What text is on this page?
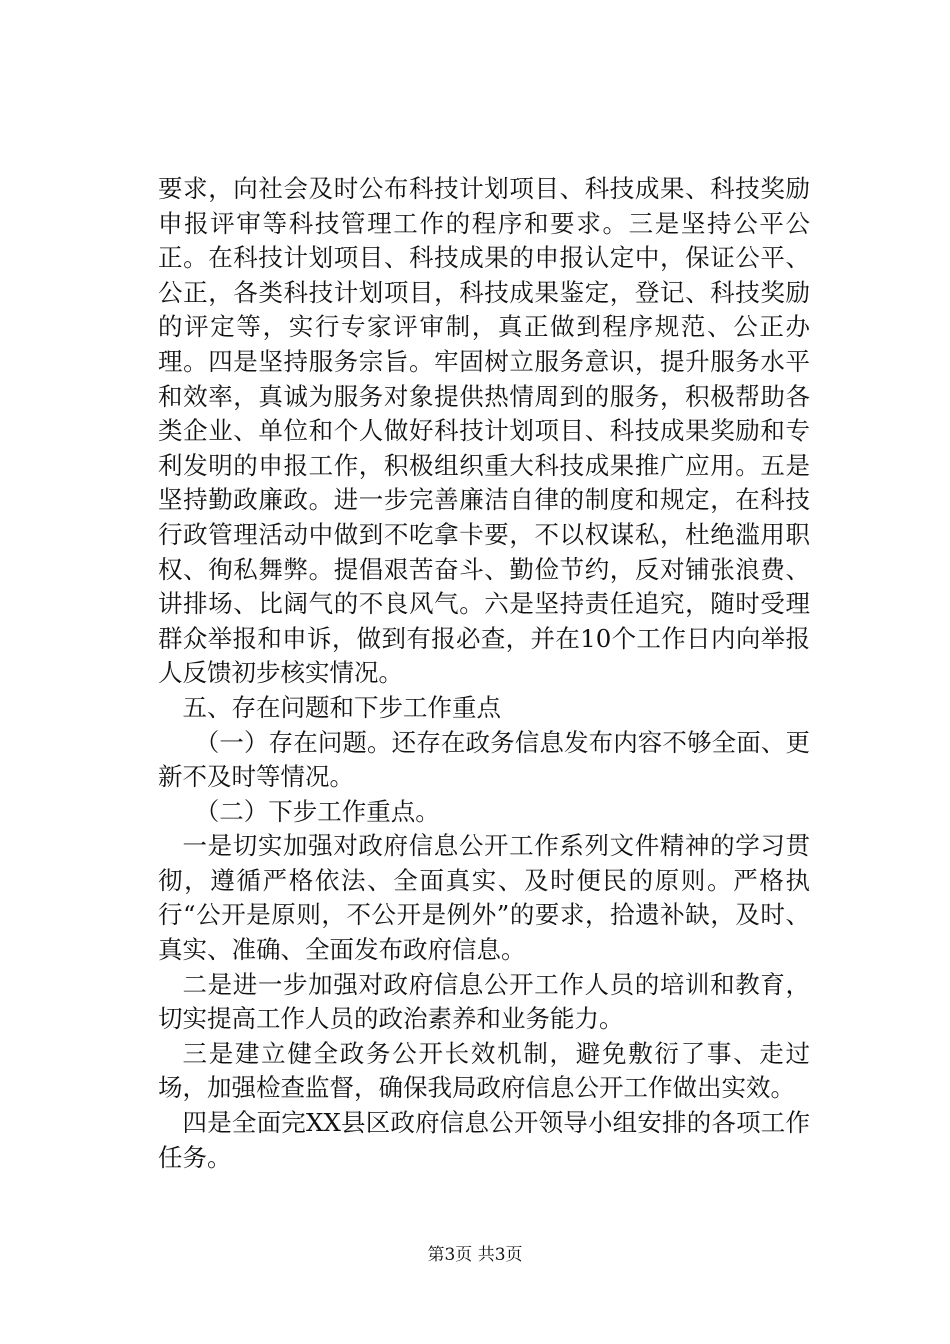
要求，向社会及时公布科技计划项目、科技成果、科技奖励申报评审等科技管理工作的程序和要求。三是坚持公平公正。在科技计划项目、科技成果的申报认定中，保证公平、公正，各类科技计划项目，科技成果鉴定，登记、科技奖励的评定等，实行专家评审制，真正做到程序规范、公正办理。四是坚持服务宗旨。牢固树立服务意识，提升服务水平和效率，真诚为服务对象提供热情周到的服务，积极帮助各类企业、单位和个人做好科技计划项目、科技成果奖励和专利发明的申报工作，积极组织重大科技成果推广应用。五是坚持勤政廉政。进一步完善廉洁自律的制度和规定，在科技行政管理活动中做到不吃拿卡要，不以权谋私，杜绝滥用职权、徇私舞弊。提倡艰苦奋斗、勤俭节约，反对铺张浪费、讲排场、比阔气的不良风气。六是坚持责任追究，随时受理群众举报和申诉，做到有报必查，并在10个工作日内向举报人反馈初步核实情况。

五、存在问题和下步工作重点

（一）存在问题。还存在政务信息发布内容不够全面、更新不及时等情况。

（二）下步工作重点。

一是切实加强对政府信息公开工作系列文件精神的学习贯彻，遵循严格依法、全面真实、及时便民的原则。严格执行“公开是原则，不公开是例外”的要求，拾遗补缺，及时、真实、准确、全面发布政府信息。

二是进一步加强对政府信息公开工作人员的培训和教育，切实提高工作人员的政治素养和业务能力。

三是建立健全政务公开长效机制，避免敷衍了事、走过场，加强检查监督，确保我局政府信息公开工作做出实效。

四是全面完XX县区政府信息公开领导小组安排的各项工作任务。

第3页 共3页
